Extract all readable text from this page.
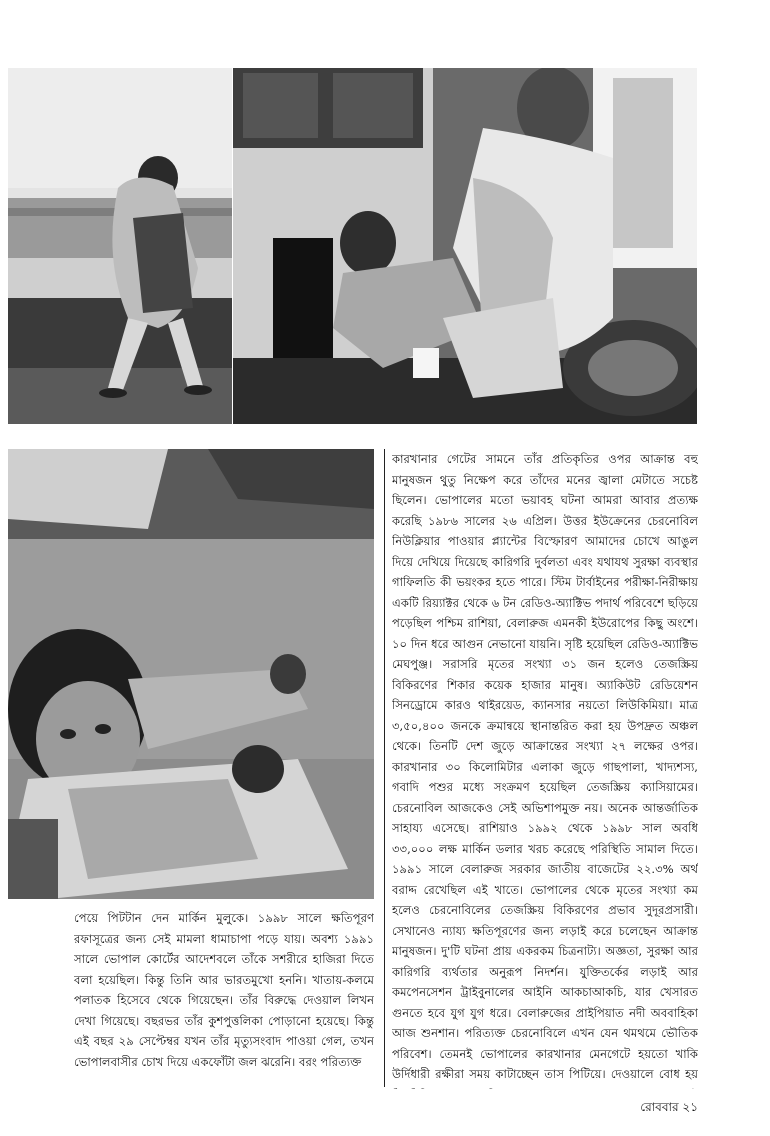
কারখানার গেটের সামনে তাঁর প্রতিকৃতির ওপর আক্রান্ত বহু মানুষজন থুতু নিক্ষেপ করে তাঁদের মনের জ্বালা মেটাতে সচেষ্ট ছিলেন। ভোপালের মতো ভয়াবহ ঘটনা আমরা আবার প্রত্যক্ষ করেছি ১৯৮৬ সালের ২৬ এপ্রিল। উত্তর ইউক্রেনের চেরনোবিল নিউক্লিয়ার পাওয়ার প্ল্যান্টের বিস্ফোরণ আমাদের চোখে আঙুল দিয়ে দেখিয়ে দিয়েছে কারিগরি দুর্বলতা এবং যথাযথ সুরক্ষা ব্যবস্থার গাফিলতি কী ভয়ংকর হতে পারে। স্টিম টার্বাইনের পরীক্ষা-নিরীক্ষায় একটি রিয়্যাক্টর থেকে ৬ টন রেডিও-অ্যাক্টিভ পদার্থ পরিবেশে ছড়িয়ে পড়েছিল পশ্চিম রাশিয়া, বেলারুজ এমনকী ইউরোপের কিছু অংশে। ১০ দিন ধরে আগুন নেভানো যায়নি। সৃষ্টি হয়েছিল রেডিও-অ্যাক্টিভ মেঘপুঞ্জ। সরাসরি মৃতের সংখ্যা ৩১ জন হলেও তেজস্ক্রিয় বিকিরণের শিকার কয়েক হাজার মানুষ। অ্যাকিউট রেডিয়েশন সিনড্রোমে কারও থাইরয়েড, ক্যানসার নয়তো লিউকিমিয়া। মাত্র ৩,৫০,৪০০ জনকে ক্রমান্বয়ে স্থানান্তরিত করা হয় উপদ্রুত অঞ্চল থেকে। তিনটি দেশ জুড়ে আক্রান্তের সংখ্যা ২৭ লক্ষের ওপর। কারখানার ৩০ কিলোমিটার এলাকা জুড়ে গাছপালা, খাদ্যশস্য, গবাদি পশুর মধ্যে সংক্রমণ হয়েছিল তেজস্ক্রিয় ক্যাসিয়ামের। চেরনোবিল আজকেও সেই অভিশাপমুক্ত নয়। অনেক আন্তর্জাতিক সাহায্য এসেছে। রাশিয়াও ১৯৯২ থেকে ১৯৯৮ সাল অবধি ৩৩,০০০ লক্ষ মার্কিন ডলার খরচ করেছে পরিস্থিতি সামাল দিতে। ১৯৯১ সালে বেলারুজ সরকার জাতীয় বাজেটের ২২.৩% অর্থ বরাদ্দ রেখেছিল এই খাতে। ভোপালের থেকে মৃতের সংখ্যা কম হলেও চেরনোবিলের তেজস্ক্রিয় বিকিরণের প্রভাব সুদূরপ্রসারী। সেখানেও ন্যায্য ক্ষতিপূরণের জন্য লড়াই করে চলেছেন আক্রান্ত মানুষজন। দু'টি ঘটনা প্রায় একরকম চিত্রনাট্য। অজ্ঞতা, সুরক্ষা আর কারিগরি ব্যর্থতার অনুরূপ নিদর্শন। যুক্তিতর্কের লড়াই আর কমপেনসেশন ট্রাইবুনালের আইনি আকচাআকচি, যার খেসারত গুনতে হবে যুগ যুগ ধরে। বেলারুজের প্রাইপিয়াত নদী অববাহিকা আজ শুনশান। পরিত্যক্ত চেরনোবিলে এখন যেন থমথমে ভৌতিক পরিবেশ। তেমনই ভোপালের কারখানার মেনগেটে হয়তো খাকি উর্দিধারী রক্ষীরা সময় কাটাচ্ছেন তাস পিটিয়ে। দেওয়ালে বোধ হয়

পেয়ে পিটটান দেন মার্কিন মুলুকে। ১৯৯৮ সালে ক্ষতিপূরণ রফাসূত্রের জন্য সেই মামলা ধামাচাপা পড়ে যায়। অবশ্য ১৯৯১ সালে ভোপাল কোর্টের আদেশবলে তাঁকে সশরীরে হাজিরা দিতে বলা হয়েছিল। কিন্তু তিনি আর ভারতমুখো হননি। খাতায়-কলমে পলাতক হিসেবে থেকে গিয়েছেন। তাঁর বিরুদ্ধে দেওয়াল লিখন দেখা গিয়েছে। বছরভর তাঁর কুশপুত্তলিকা পোড়ানো হয়েছে। কিন্তু এই বছর ২৯ সেপ্টেম্বর যখন তাঁর মৃত্যুসংবাদ পাওয়া গেল, তখন ভোপালবাসীর চোখ দিয়ে একফোঁটা জল ঝরেনি। বরং পরিত্যক্ত

রোববার ২১
